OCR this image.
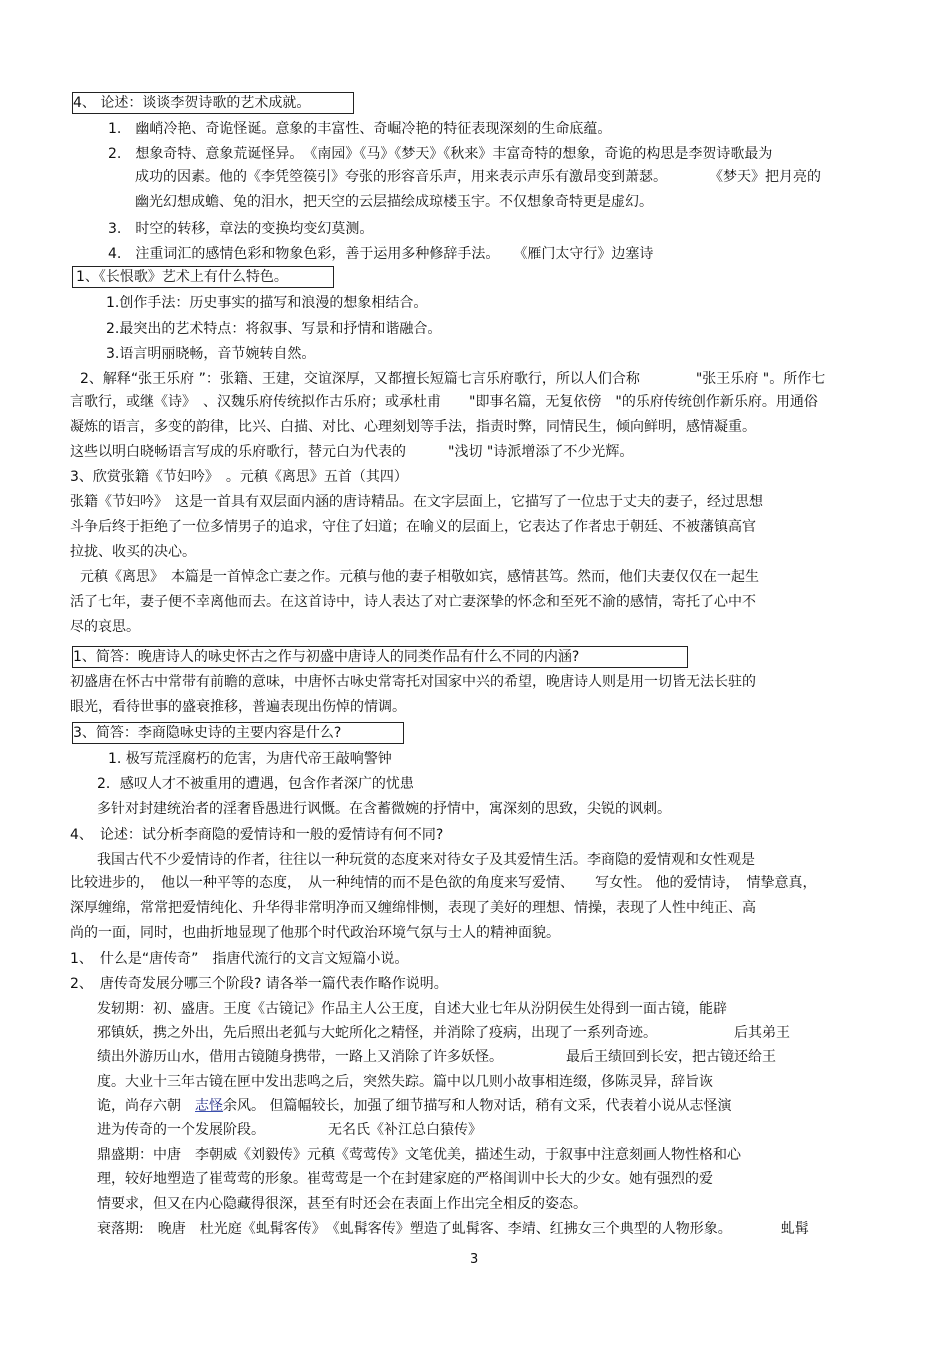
4、 论述：谈谈李贺诗歌的艺术成就。
1.　幽峭冷艳、奇诡怪诞。意象的丰富性、奇崛冷艳的特征表现深刻的生命底蕴。
2.　想象奇特、意象荒诞怪异。　《南园》《马》《梦天》《秋来》丰富奇特的想象，奇诡的构思是李贺诗歌最为
成功的因素。他的《李凭箜篌引》夸张的形容音乐声，用来表示声乐有激昂变到萧瑟。　　　　《梦天》把月亮的
幽光幻想成蟾、兔的泪水，把天空的云层描绘成琼楼玉宇。不仅想象奇特更是虚幻。
3.　时空的转移，章法的变换均变幻莫测。
4.　注重词汇的感情色彩和物象色彩，善于运用多种修辞手法。　　《雁门太守行》边塞诗
1、《长恨歌》艺术上有什么特色。
1.创作手法：历史事实的描写和浪漫的想象相结合。
2.最突出的艺术特点：将叙事、写景和抒情和谐融合。
3.语言明丽晓畅，音节婉转自然。
2、解释“张王乐府 ”：张籍、王建，交谊深厚，又都擅长短篇七言乐府歌行，所以人们合称　　　　"张王乐府 "。所作七
言歌行，或继《诗》　、汉魏乐府传统拟作古乐府；或承杜甫　　"即事名篇，无复依傍　"的乐府传统创作新乐府。用通俗
凝炼的语言，多变的韵律，比兴、白描、对比、心理刻划等手法，指责时弊，同情民生，倾向鲜明，感情凝重。
这些以明白晓畅语言写成的乐府歌行，替元白为代表的　　　"浅切 "诗派增添了不少光辉。
3、欣赏张籍《节妇吟》　。元稹《离思》五首（其四）
张籍《节妇吟》　这是一首具有双层面内涵的唐诗精品。在文字层面上，它描写了一位忠于丈夫的妻子，经过思想
斗争后终于拒绝了一位多情男子的追求，守住了妇道；在喻义的层面上，它表达了作者忠于朝廷、不被藩镇高官
拉拢、收买的决心。
元稹《离思》　本篇是一首悼念亡妻之作。元稹与他的妻子相敬如宾，感情甚笃。然而，他们夫妻仅仅在一起生
活了七年，妻子便不幸离他而去。在这首诗中，诗人表达了对亡妻深挚的怀念和至死不渝的感情，寄托了心中不
尽的哀思。
1、简答：晚唐诗人的咏史怀古之作与初盛中唐诗人的同类作品有什么不同的内涵?
初盛唐在怀古中常带有前瞻的意味，中唐怀古咏史常寄托对国家中兴的希望，晚唐诗人则是用一切皆无法长驻的
眼光，看待世事的盛衰推移，普遍表现出伤悼的情调。
3、简答：李商隐咏史诗的主要内容是什么?
1. 极写荒淫腐朽的危害，为唐代帝王敲响警钟
2．感叹人才不被重用的遭遇，包含作者深广的忧患
多针对封建统治者的淫奢昏愚进行讽慨。在含蓄微婉的抒情中，寓深刻的思致，尖锐的讽刺。
4、　论述：试分析李商隐的爱情诗和一般的爱情诗有何不同?
我国古代不少爱情诗的作者，往往以一种玩赏的态度来对待女子及其爱情生活。李商隐的爱情观和女性观是
比较进步的，　他以一种平等的态度，　从一种纯情的而不是色欲的角度来写爱情、　　写女性。 他的爱情诗，　情挚意真，
深厚缠绵，常常把爱情纯化、升华得非常明净而又缠绵悱恻，表现了美好的理想、情操，表现了人性中纯正、高
尚的一面，同时，也曲折地显现了他那个时代政治环境气氛与士人的精神面貌。
1、　什么是“唐传奇”　指唐代流行的文言文短篇小说。
2、　唐传奇发展分哪三个阶段? 请各举一篇代表作略作说明。
发轫期：初、盛唐。王度《古镜记》作品主人公王度，自述大业七年从汾阴侯生处得到一面古镜，能辟
邪镇妖，携之外出，先后照出老狐与大蛇所化之精怪，并消除了疫病，出现了一系列奇迹。　　　　　　后其弟王
绩出外游历山水，借用古镜随身携带，一路上又消除了许多妖怪。　　　　　最后王绩回到长安，把古镜还给王
度。大业十三年古镜在匣中发出悲鸣之后，突然失踪。篇中以几则小故事相连缀，侈陈灵异，辞旨诙
诡，尚存六朝　志怪余风。 但篇幅较长，加强了细节描写和人物对话，稍有文采，代表着小说从志怪演
进为传奇的一个发展阶段。　　　　　无名氏《补江总白猿传》
鼎盛期：中唐　李朝威《刘毅传》元稹《莺莺传》文笔优美，描述生动，于叙事中注意刻画人物性格和心
理，较好地塑造了崔莺莺的形象。崔莺莺是一个在封建家庭的严格闺训中长大的少女。她有强烈的爱
情要求，但又在内心隐藏得很深，甚至有时还会在表面上作出完全相反的姿态。
衰落期:　晚唐　杜光庭《虬髯客传》　《虬髯客传》塑造了虬髯客、李靖、红拂女三个典型的人物形象。　　　　虬髯
3
